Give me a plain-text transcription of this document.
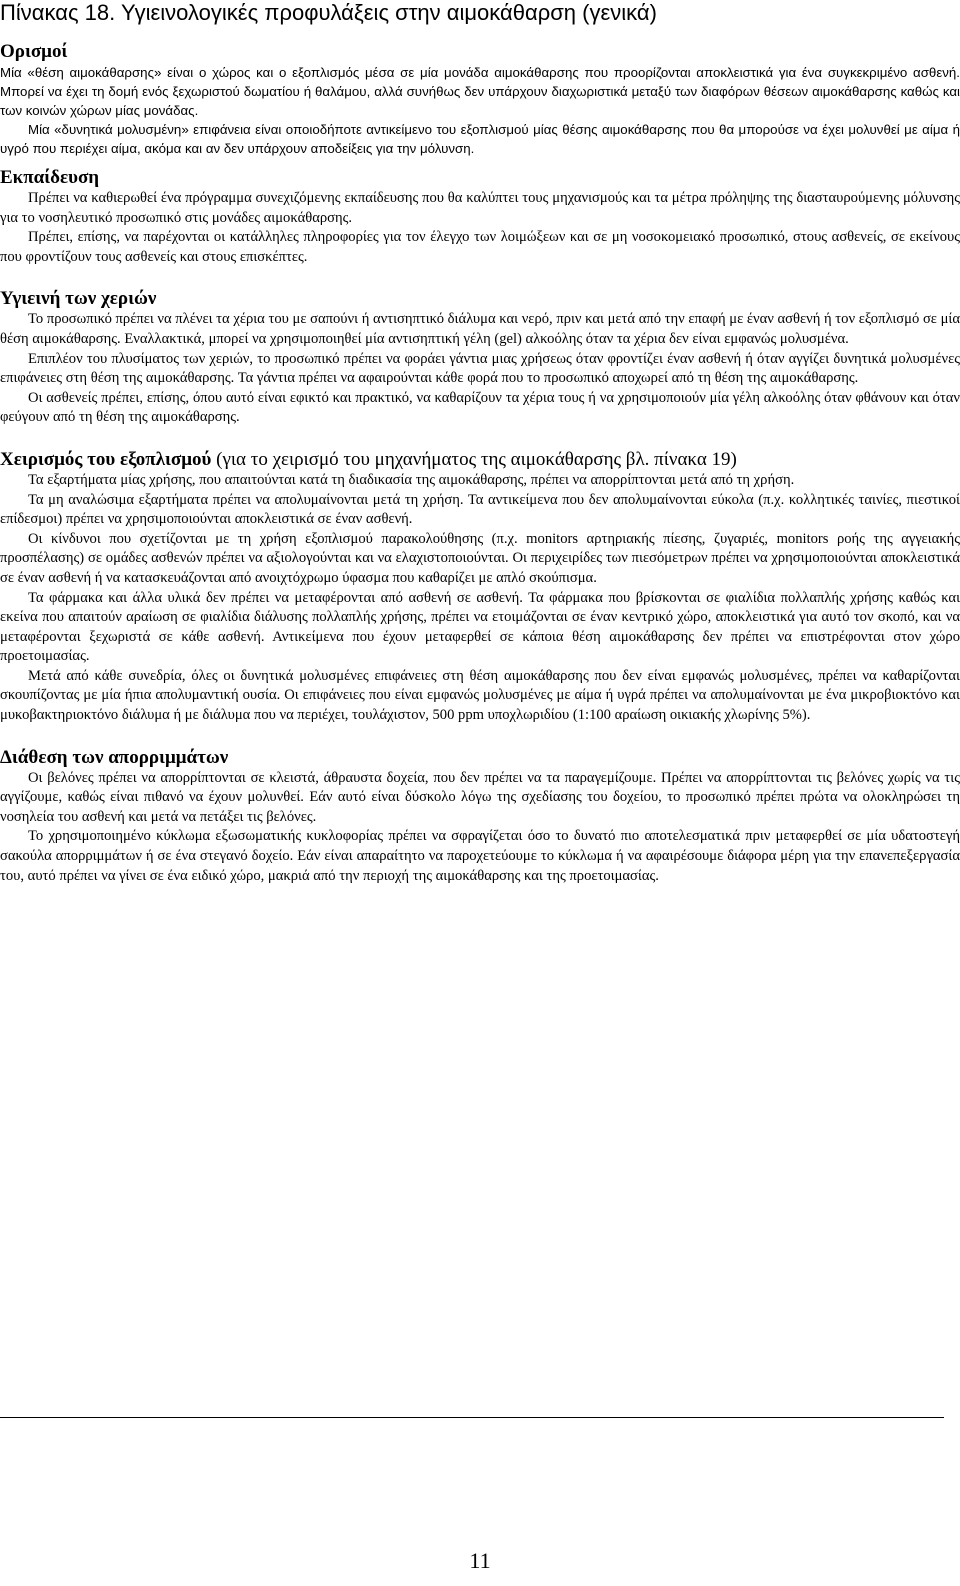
Πίνακας 18. Υγιεινολογικές προφυλάξεις στην αιμοκάθαρση (γενικά)
Ορισμοί

Μία «θέση αιμοκάθαρσης» είναι ο χώρος και ο εξοπλισμός μέσα σε μία μονάδα αιμοκάθαρσης που προορίζονται αποκλειστικά για ένα συγκεκριμένο ασθενή. Μπορεί να έχει τη δομή ενός ξεχωριστού δωματίου ή θαλάμου, αλλά συνήθως δεν υπάρχουν διαχωριστικά μεταξύ των διαφόρων θέσεων αιμοκάθαρσης καθώς και των κοινών χώρων μίας μονάδας.

Μία «δυνητικά μολυσμένη» επιφάνεια είναι οποιοδήποτε αντικείμενο του εξοπλισμού μίας θέσης αιμοκάθαρσης που θα μπορούσε να έχει μολυνθεί με αίμα ή υγρό που περιέχει αίμα, ακόμα και αν δεν υπάρχουν αποδείξεις για την μόλυνση.

Εκπαίδευση

Πρέπει να καθιερωθεί ένα πρόγραμμα συνεχιζόμενης εκπαίδευσης που θα καλύπτει τους μηχανισμούς και τα μέτρα πρόληψης της διασταυρούμενης μόλυνσης για το νοσηλευτικό προσωπικό στις μονάδες αιμοκάθαρσης.

Πρέπει, επίσης, να παρέχονται οι κατάλληλες πληροφορίες για τον έλεγχο των λοιμώξεων και σε μη νοσοκομειακό προσωπικό, στους ασθενείς, σε εκείνους που φροντίζουν τους ασθενείς και στους επισκέπτες.

Υγιεινή των χεριών

Το προσωπικό πρέπει να πλένει τα χέρια του με σαπούνι ή αντισηπτικό διάλυμα και νερό, πριν και μετά από την επαφή με έναν ασθενή ή τον εξοπλισμό σε μία θέση αιμοκάθαρσης. Εναλλακτικά, μπορεί να χρησιμοποιηθεί μία αντισηπτική γέλη (gel) αλκοόλης όταν τα χέρια δεν είναι εμφανώς μολυσμένα.

Επιπλέον του πλυσίματος των χεριών, το προσωπικό πρέπει να φοράει γάντια μιας χρήσεως όταν φροντίζει έναν ασθενή ή όταν αγγίζει δυνητικά μολυσμένες επιφάνειες στη θέση της αιμοκάθαρσης. Τα γάντια πρέπει να αφαιρούνται κάθε φορά που το προσωπικό αποχωρεί από τη θέση της αιμοκάθαρσης.

Οι ασθενείς πρέπει, επίσης, όπου αυτό είναι εφικτό και πρακτικό, να καθαρίζουν τα χέρια τους ή να χρησιμοποιούν μία γέλη αλκοόλης όταν φθάνουν και όταν φεύγουν από τη θέση της αιμοκάθαρσης.

Χειρισμός του εξοπλισμού (για το χειρισμό του μηχανήματος της αιμοκάθαρσης βλ. πίνακα 19)

Τα εξαρτήματα μίας χρήσης, που απαιτούνται κατά τη διαδικασία της αιμοκάθαρσης, πρέπει να απορρίπτονται μετά από τη χρήση.

Τα μη αναλώσιμα εξαρτήματα πρέπει να απολυμαίνονται μετά τη χρήση. Τα αντικείμενα που δεν απολυμαίνονται εύκολα (π.χ. κολλητικές ταινίες, πιεστικοί επίδεσμοι) πρέπει να χρησιμοποιούνται αποκλειστικά σε έναν ασθενή.

Οι κίνδυνοι που σχετίζονται με τη χρήση εξοπλισμού παρακολούθησης (π.χ. monitors αρτηριακής πίεσης, ζυγαριές, monitors ροής της αγγειακής προσπέλασης) σε ομάδες ασθενών πρέπει να αξιολογούνται και να ελαχιστοποιούνται. Οι περιχειρίδες των πιεσόμετρων πρέπει να χρησιμοποιούνται αποκλειστικά σε έναν ασθενή ή να κατασκευάζονται από ανοιχτόχρωμο ύφασμα που καθαρίζει με απλό σκούπισμα.

Τα φάρμακα και άλλα υλικά δεν πρέπει να μεταφέρονται από ασθενή σε ασθενή. Τα φάρμακα που βρίσκονται σε φιαλίδια πολλαπλής χρήσης καθώς και εκείνα που απαιτούν αραίωση σε φιαλίδια διάλυσης πολλαπλής χρήσης, πρέπει να ετοιμάζονται σε έναν κεντρικό χώρο, αποκλειστικά για αυτό τον σκοπό, και να μεταφέρονται ξεχωριστά σε κάθε ασθενή. Αντικείμενα που έχουν μεταφερθεί σε κάποια θέση αιμοκάθαρσης δεν πρέπει να επιστρέφονται στον χώρο προετοιμασίας.

Μετά από κάθε συνεδρία, όλες οι δυνητικά μολυσμένες επιφάνειες στη θέση αιμοκάθαρσης που δεν είναι εμφανώς μολυσμένες, πρέπει να καθαρίζονται σκουπίζοντας με μία ήπια απολυμαντική ουσία. Οι επιφάνειες που είναι εμφανώς μολυσμένες με αίμα ή υγρά πρέπει να απολυμαίνονται με ένα μικροβιοκτόνο και μυκοβακτηριοκτόνο διάλυμα ή με διάλυμα που να περιέχει, τουλάχιστον, 500 ppm υποχλωριδίου (1:100 αραίωση οικιακής χλωρίνης 5%).

Διάθεση των απορριμμάτων

Οι βελόνες πρέπει να απορρίπτονται σε κλειστά, άθραυστα δοχεία, που δεν πρέπει να τα παραγεμίζουμε. Πρέπει να απορρίπτονται τις βελόνες χωρίς να τις αγγίζουμε, καθώς είναι πιθανό να έχουν μολυνθεί. Εάν αυτό είναι δύσκολο λόγω της σχεδίασης του δοχείου, το προσωπικό πρέπει πρώτα να ολοκληρώσει τη νοσηλεία του ασθενή και μετά να πετάξει τις βελόνες.

Το χρησιμοποιημένο κύκλωμα εξωσωματικής κυκλοφορίας πρέπει να σφραγίζεται όσο το δυνατό πιο αποτελεσματικά πριν μεταφερθεί σε μία υδατοστεγή σακούλα απορριμμάτων ή σε ένα στεγανό δοχείο. Εάν είναι απαραίτητο να παροχετεύουμε το κύκλωμα ή να αφαιρέσουμε διάφορα μέρη για την επανεπεξεργασία του, αυτό πρέπει να γίνει σε ένα ειδικό χώρο, μακριά από την περιοχή της αιμοκάθαρσης και της προετοιμασίας.

11
